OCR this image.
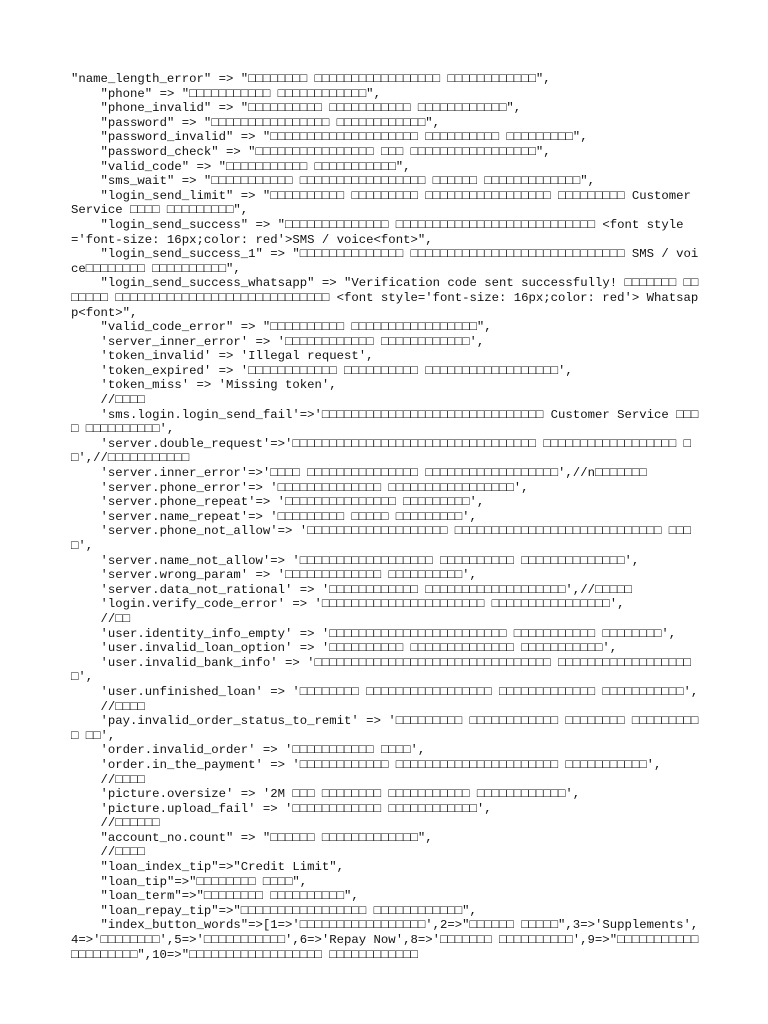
"name_length_error" => "□□□□□□□□ □□□□□□□□□□□□□□□□□ □□□□□□□□□□□□",
"phone" => "□□□□□□□□□□□ □□□□□□□□□□□□",
"phone_invalid" => "□□□□□□□□□□ □□□□□□□□□□□ □□□□□□□□□□□□",
"password" => "□□□□□□□□□□□□□□□□ □□□□□□□□□□□□",
"password_invalid" => "□□□□□□□□□□□□□□□□□□□□ □□□□□□□□□□ □□□□□□□□□",
"password_check" => "□□□□□□□□□□□□□□□□ □□□ □□□□□□□□□□□□□□□□□",
"valid_code" => "□□□□□□□□□□□ □□□□□□□□□□□",
"sms_wait" => "□□□□□□□□□□□ □□□□□□□□□□□□□□□□□ □□□□□□ □□□□□□□□□□□□□",
"login_send_limit" => "□□□□□□□□□□ □□□□□□□□□ □□□□□□□□□□□□□□□□□ □□□□□□□□□ Customer Service □□□□ □□□□□□□□□",
"login_send_success" => "□□□□□□□□□□□□□□ □□□□□□□□□□□□□□□□□□□□□□□□□□□ <font style='font-size: 16px;color: red'>SMS / voice<font>",
"login_send_success_1" => "□□□□□□□□□□□□□□ □□□□□□□□□□□□□□□□□□□□□□□□□□□□□ SMS / voice□□□□□□□□ □□□□□□□□□□",
"login_send_success_whatsapp" => "Verification code sent successfully! □□□□□□□ □□□□□□□ □□□□□□□□□□□□□□□□□□□□□□□□□□□□□ <font style='font-size: 16px;color: red'> Whatsapp<font>",
"valid_code_error" => "□□□□□□□□□□ □□□□□□□□□□□□□□□□□",
'server_inner_error' => '□□□□□□□□□□□□ □□□□□□□□□□□□',
'token_invalid' => 'Illegal request',
'token_expired' => '□□□□□□□□□□□□ □□□□□□□□□□ □□□□□□□□□□□□□□□□□□',
'token_miss' => 'Missing token',
//□□□□
'sms.login.login_send_fail'=>'□□□□□□□□□□□□□□□□□□□□□□□□□□□□□□ Customer Service □□□□ □□□□□□□□□□',
'server.double_request'=>'□□□□□□□□□□□□□□□□□□□□□□□□□□□□□□□□□ □□□□□□□□□□□□□□□□□□ □□',//□□□□□□□□□□□
'server.inner_error'=>'□□□□ □□□□□□□□□□□□□□□ □□□□□□□□□□□□□□□□□□',//n□□□□□□□
'server.phone_error'=> '□□□□□□□□□□□□□□ □□□□□□□□□□□□□□□□□',
'server.phone_repeat'=> '□□□□□□□□□□□□□□□ □□□□□□□□□',
'server.name_repeat'=> '□□□□□□□□□ □□□□□ □□□□□□□□□',
'server.phone_not_allow'=> '□□□□□□□□□□□□□□□□□□□ □□□□□□□□□□□□□□□□□□□□□□□□□□□□ □□□□',
'server.name_not_allow'=> '□□□□□□□□□□□□□□□□□□ □□□□□□□□□□ □□□□□□□□□□□□□□',
'server.wrong_param' => '□□□□□□□□□□□□□ □□□□□□□□□□',
'server.data_not_rational' => '□□□□□□□□□□□□ □□□□□□□□□□□□□□□□□□□',//□□□□□
'login.verify_code_error' => '□□□□□□□□□□□□□□□□□□□□□□ □□□□□□□□□□□□□□□□',
//□□
'user.identity_info_empty' => '□□□□□□□□□□□□□□□□□□□□□□□□ □□□□□□□□□□□ □□□□□□□□',
'user.invalid_loan_option' => '□□□□□□□□□□ □□□□□□□□□□□□□□ □□□□□□□□□□□',
'user.invalid_bank_info' => '□□□□□□□□□□□□□□□□□□□□□□□□□□□□□□□□ □□□□□□□□□□□□□□□□□□□',
'user.unfinished_loan' => '□□□□□□□□ □□□□□□□□□□□□□□□□□ □□□□□□□□□□□□□ □□□□□□□□□□□',
//□□□□
'pay.invalid_order_status_to_remit' => '□□□□□□□□□ □□□□□□□□□□□□ □□□□□□□□ □□□□□□□□□□ □□',
'order.invalid_order' => '□□□□□□□□□□□ □□□□',
'order.in_the_payment' => '□□□□□□□□□□□□ □□□□□□□□□□□□□□□□□□□□□□ □□□□□□□□□□□',
//□□□□
'picture.oversize' => '2M □□□ □□□□□□□□ □□□□□□□□□□□ □□□□□□□□□□□□',
'picture.upload_fail' => '□□□□□□□□□□□□ □□□□□□□□□□□□',
//□□□□□□
"account_no.count" => "□□□□□□ □□□□□□□□□□□□□",
//□□□□
"loan_index_tip"=>"Credit Limit",
"loan_tip"=>"□□□□□□□□ □□□□",
"loan_term"=>"□□□□□□□□ □□□□□□□□□□",
"loan_repay_tip"=>"□□□□□□□□□□□□□□□□□ □□□□□□□□□□□□",
"index_button_words"=>[1=>'□□□□□□□□□□□□□□□□□',2=>"□□□□□□ □□□□□",3=>'Supplements',4=>'□□□□□□□□',5=>'□□□□□□□□□□□',6=>'Repay Now',8=>'□□□□□□□ □□□□□□□□□□',9=>"□□□□□□□□□□□□□□□□□□□□",10=>"□□□□□□□□□□□□□□□□□□ □□□□□□□□□□□□
